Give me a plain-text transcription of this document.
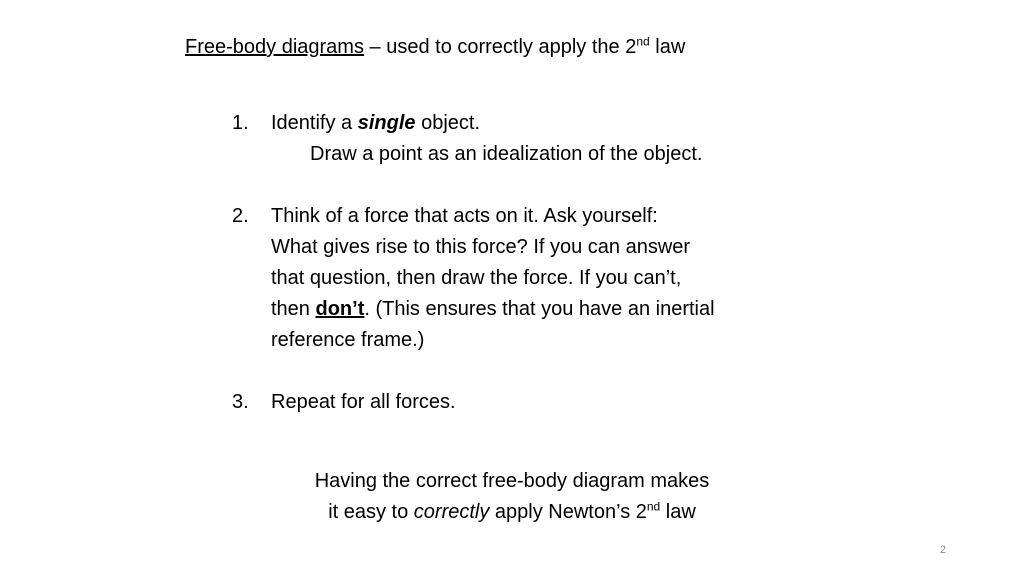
Free-body diagrams – used to correctly apply the 2nd law
1. Identify a single object.
Draw a point as an idealization of the object.
2. Think of a force that acts on it. Ask yourself:
What gives rise to this force? If you can answer
that question, then draw the force. If you can’t,
then don’t. (This ensures that you have an inertial
reference frame.)
3. Repeat for all forces.
Having the correct free-body diagram makes
it easy to correctly apply Newton’s 2nd law
2
